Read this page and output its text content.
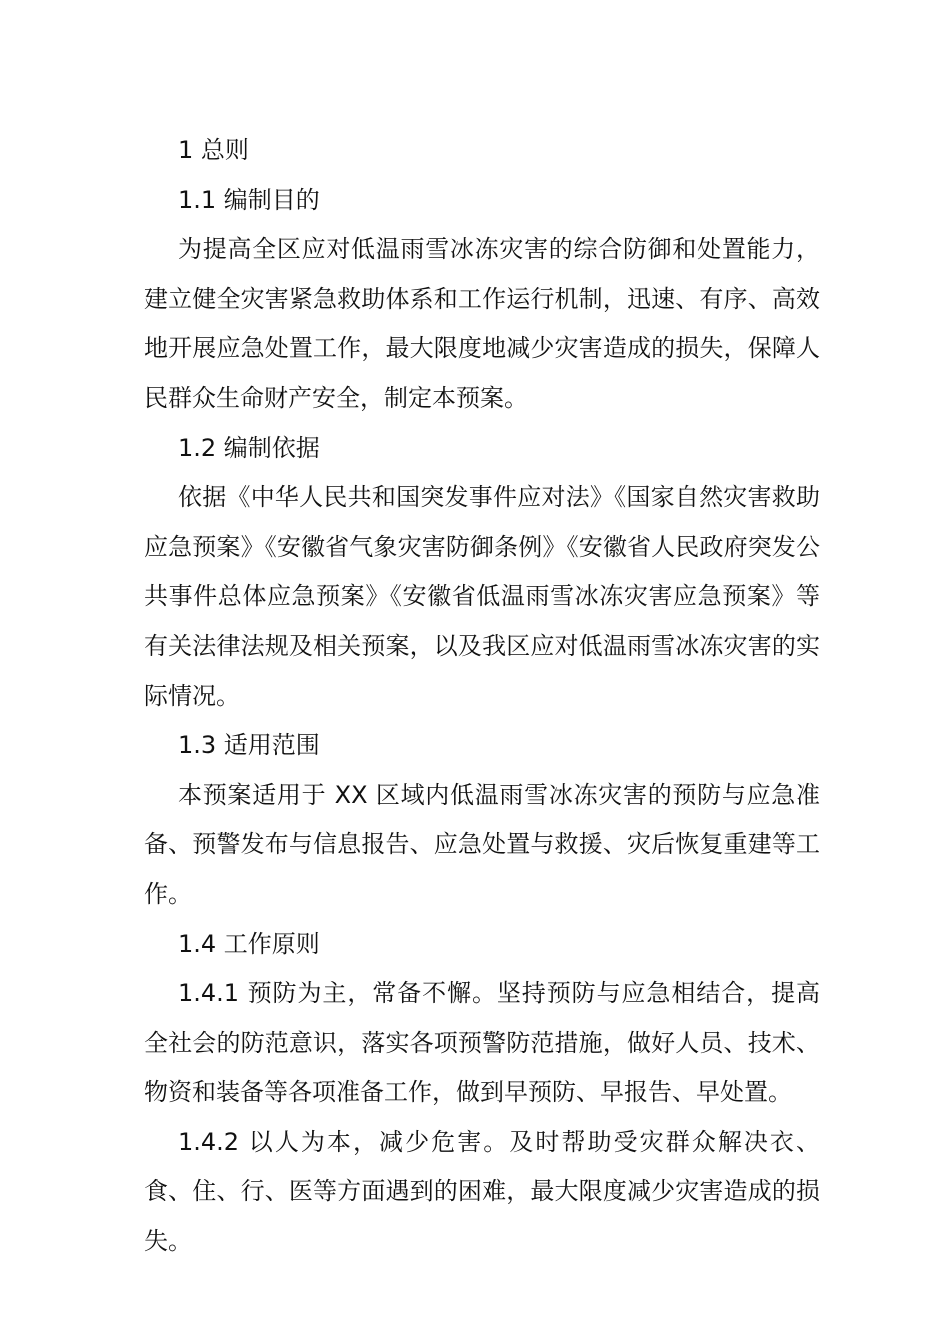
1 总则

1.1 编制目的

为提高全区应对低温雨雪冰冻灾害的综合防御和处置能力，建立健全灾害紧急救助体系和工作运行机制，迅速、有序、高效地开展应急处置工作，最大限度地减少灾害造成的损失，保障人民群众生命财产安全，制定本预案。

1.2 编制依据

依据《中华人民共和国突发事件应对法》《国家自然灾害救助应急预案》《安徽省气象灾害防御条例》《安徽省人民政府突发公共事件总体应急预案》《安徽省低温雨雪冰冻灾害应急预案》等有关法律法规及相关预案，以及我区应对低温雨雪冰冻灾害的实际情况。

1.3 适用范围

本预案适用于 XX 区域内低温雨雪冰冻灾害的预防与应急准备、预警发布与信息报告、应急处置与救援、灾后恢复重建等工作。

1.4 工作原则

1.4.1 预防为主，常备不懈。坚持预防与应急相结合，提高全社会的防范意识，落实各项预警防范措施，做好人员、技术、物资和装备等各项准备工作，做到早预防、早报告、早处置。

1.4.2 以人为本，减少危害。及时帮助受灾群众解决衣、食、住、行、医等方面遇到的困难，最大限度减少灾害造成的损失。
